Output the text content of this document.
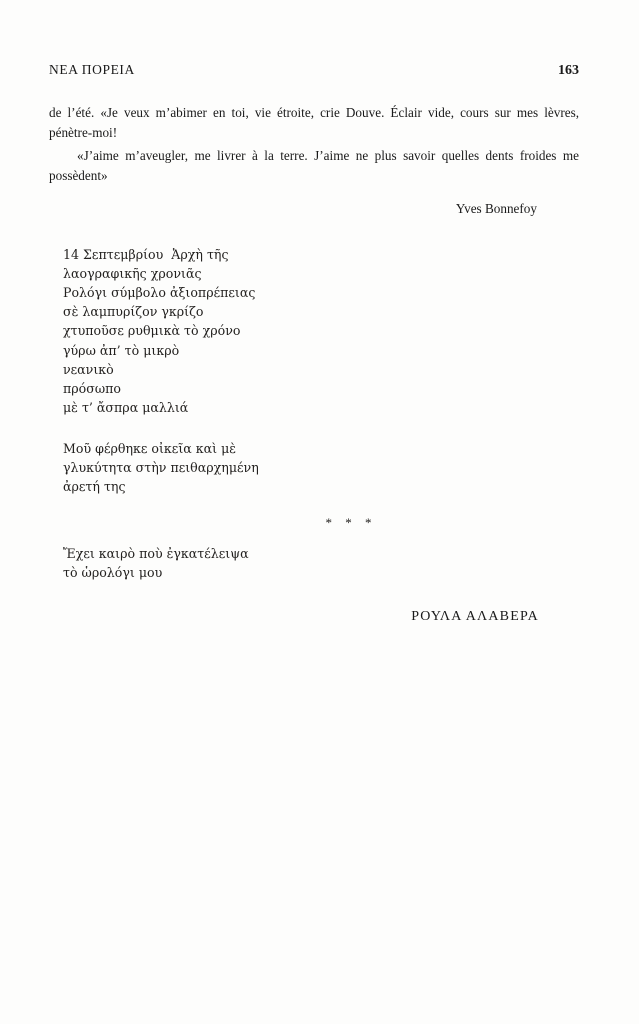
ΝΕΑ ΠΟΡΕΙΑ	163

de l’été. «Je veux m’abimer en toi, vie étroite, crie Douve. Éclair vide, cours sur mes lèvres, pénètre-moi!

«J’aime m’aveugler, me livrer à la terre. J’aime ne plus savoir quelles dents froides me possèdent»

Yves Bonnefoy
14 Σεπτεμβρίου  Ἀρχὴ τῆς
λαογραφικῆς χρονιᾶς
Ρολόγι σύμβολο ἀξιοπρέπειας
σὲ λαμπυρίζον γκρίζο
χτυποῦσε ρυθμικὰ τὸ χρόνο
γύρω ἀπ’ τὸ μικρὸ
νεανικὸ
πρόσωπο
μὲ τ’ ἄσπρα μαλλιά
Μοῦ φέρθηκε οἰκεῖα καὶ μὲ
γλυκύτητα στὴν πειθαρχημένη
ἀρετή της
* * *
Ἔχει καιρὸ ποὺ ἐγκατέλειψα
τὸ ὡρολόγι μου
ΡΟΥΛΑ ΑΛΑΒΕΡΑ
